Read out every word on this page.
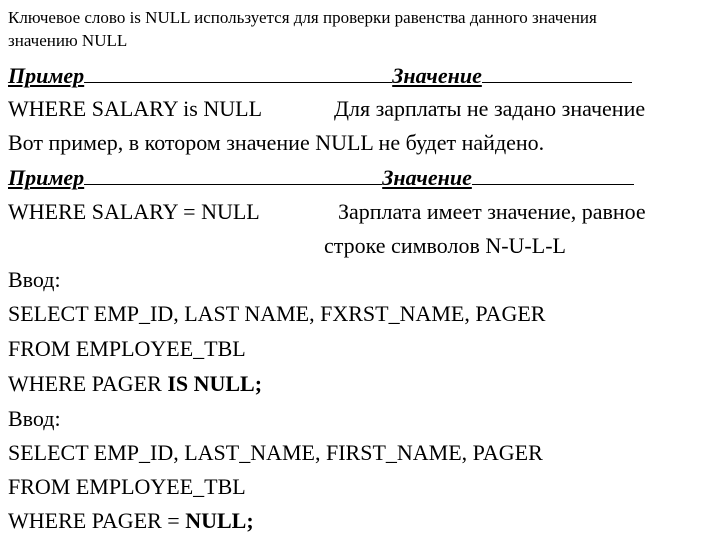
Ключевое слово is NULL используется для проверки равенства данного значения
значению NULL
Пример	Значение
WHERE SALARY is NULL	Для зарплаты не задано значение
Вот пример, в котором значение NULL не будет найдено.
Пример	Значение
WHERE SALARY = NULL	Зарплата имеет значение, равное
строке символов N-U-L-L
Ввод:
SELECT EMP_ID, LAST NAME, FXRST_NAME, PAGER
FROM EMPLOYEE_TBL
WHERE PAGER IS NULL;
Ввод:
SELECT EMP_ID, LAST_NAME, FIRST_NAME, PAGER
FROM EMPLOYEE_TBL
WHERE PAGER = NULL;
